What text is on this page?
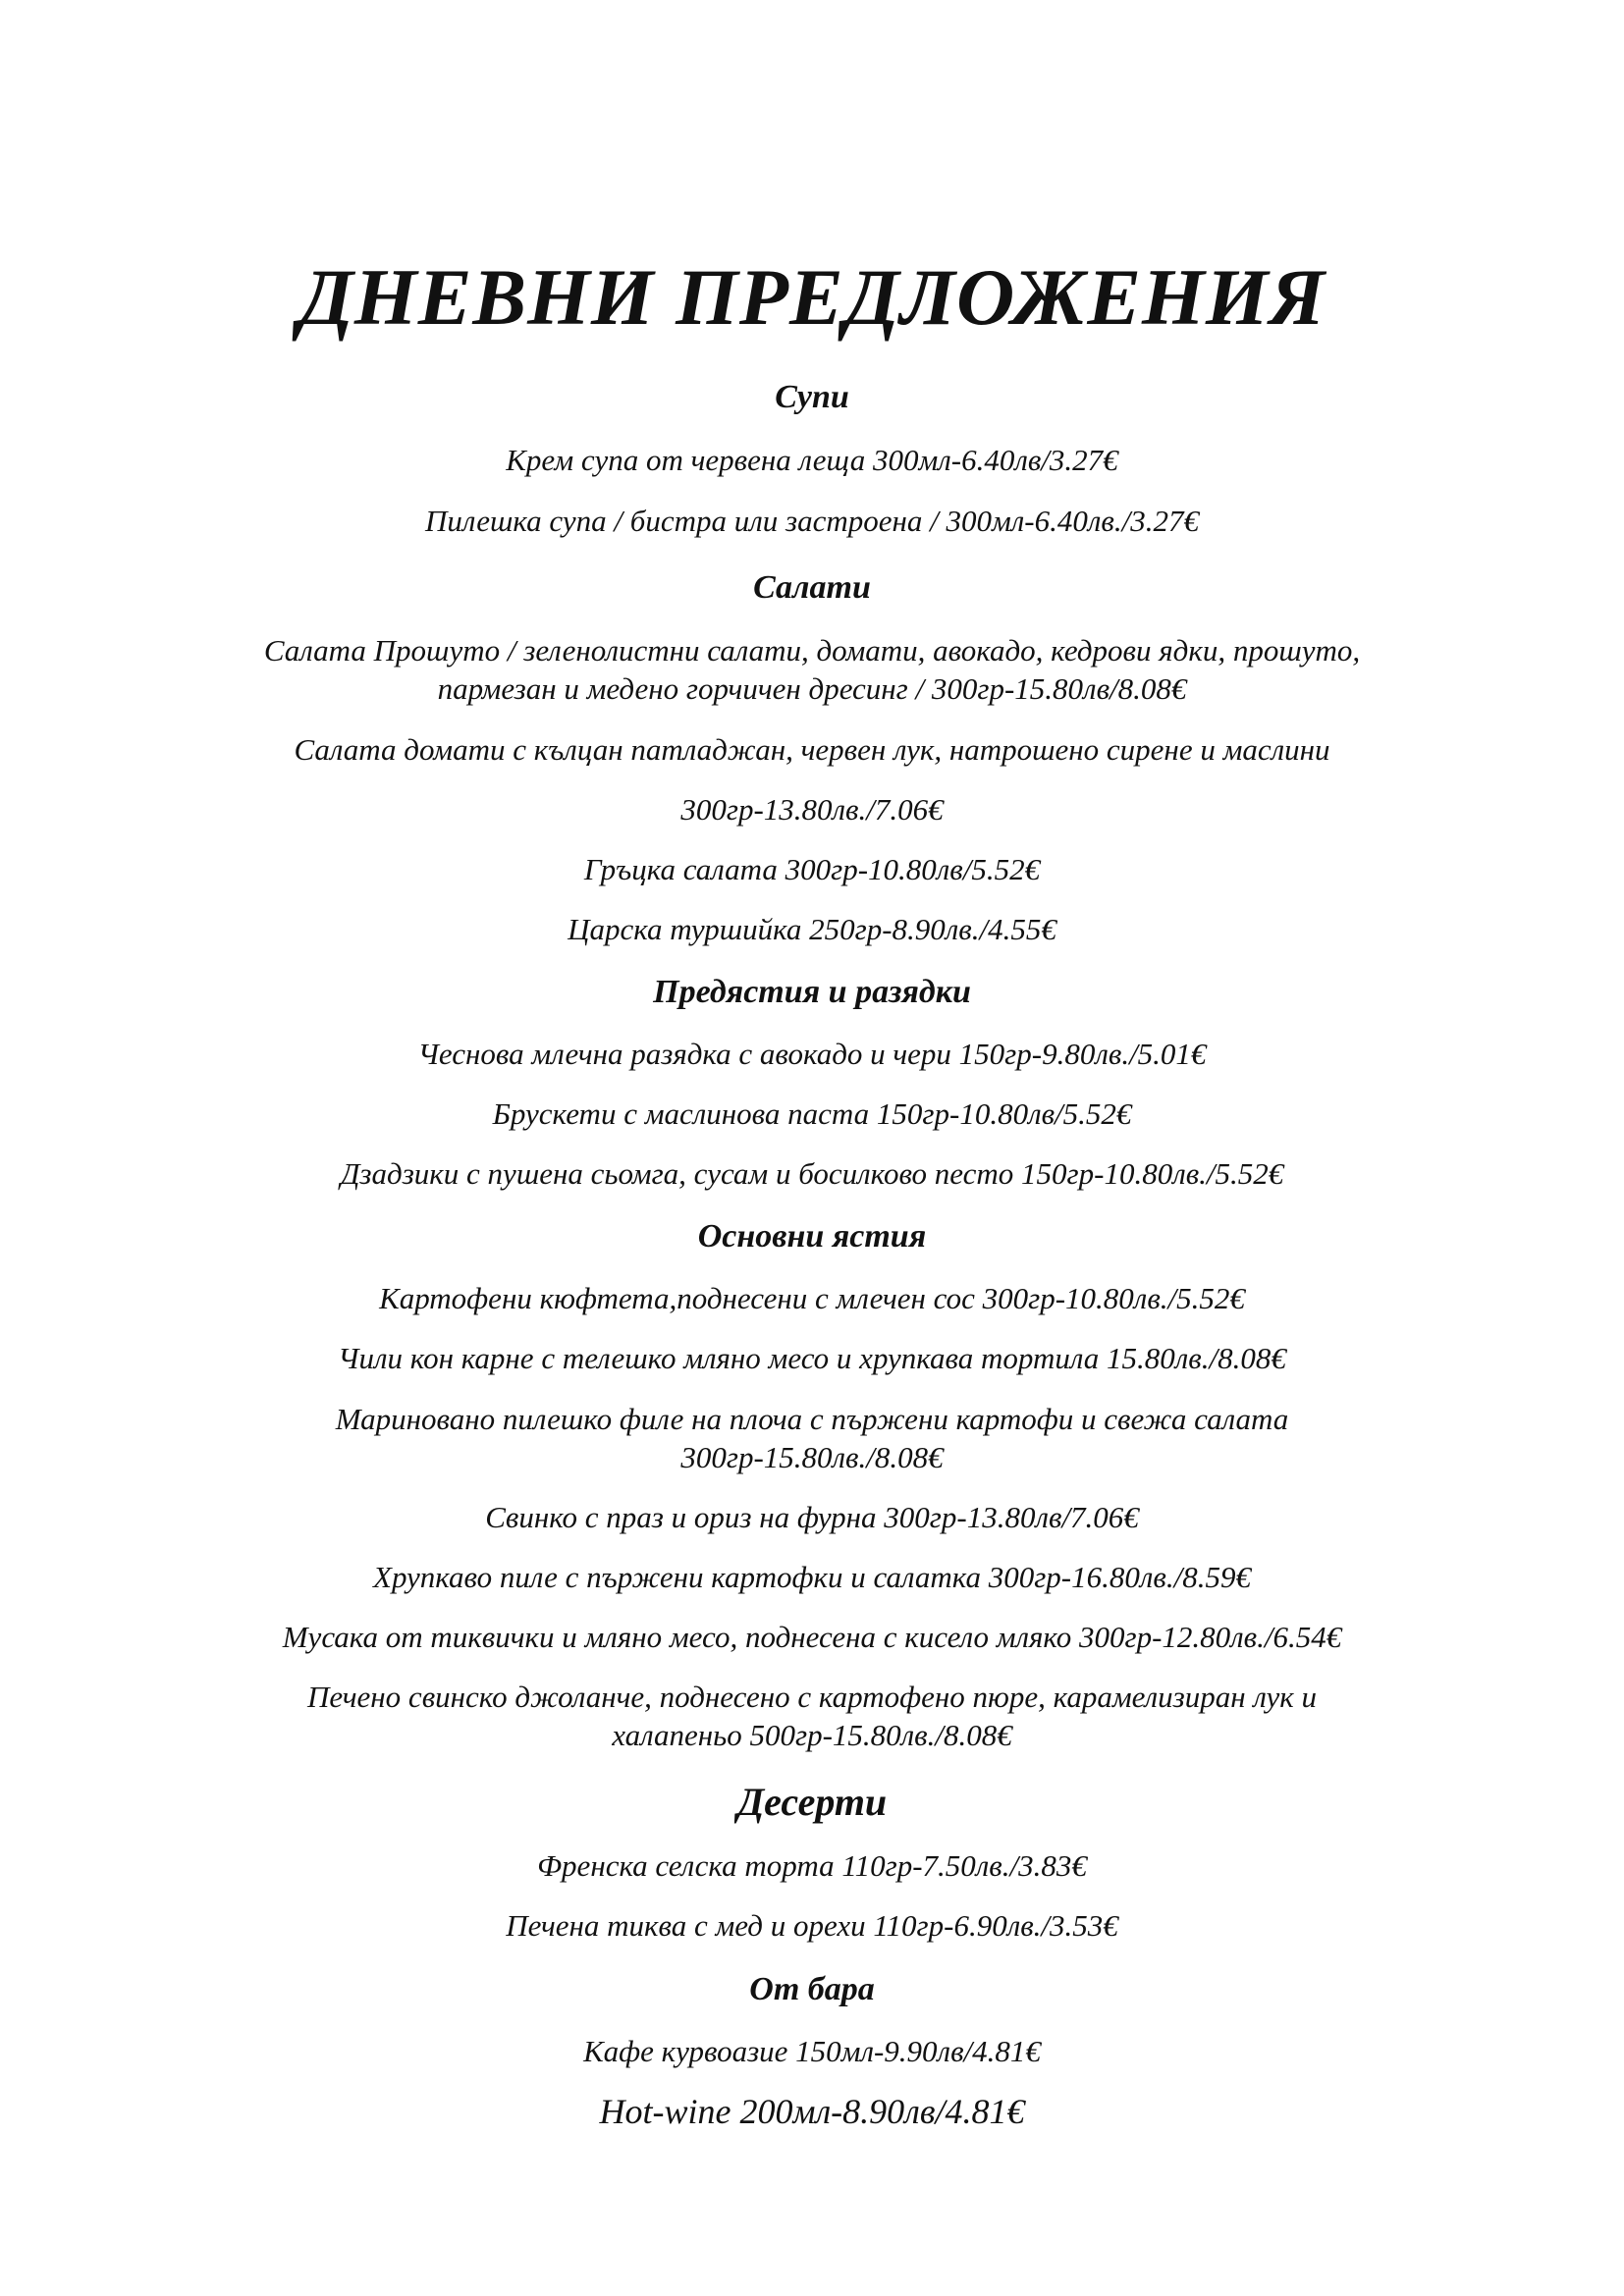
ДНЕВНИ ПРЕДЛОЖЕНИЯ
Супи
Крем супа от червена леща 300мл-6.40лв/3.27€
Пилешка супа / бистра или застроена / 300мл-6.40лв./3.27€
Салати
Салата Прошуто / зеленолистни салати, домати, авокадо, кедрови ядки, прошуто,
пармезан и медено горчичен дресинг / 300гр-15.80лв/8.08€
Салата домати с кълцан патладжан, червен лук, натрошено сирене и маслини
300гр-13.80лв./7.06€
Гръцка салата 300гр-10.80лв/5.52€
Царска туршийка 250гр-8.90лв./4.55€
Предястия и разядки
Чеснова млечна разядка с авокадо и чери 150гр-9.80лв./5.01€
Брускети с маслинова паста 150гр-10.80лв/5.52€
Дзадзики с пушена сьомга, сусам и босилково песто 150гр-10.80лв./5.52€
Основни ястия
Картофени кюфтета,поднесени с млечен сос 300гр-10.80лв./5.52€
Чили кон карне с телешко мляно месо и хрупкава тортила 15.80лв./8.08€
Мариновано пилешко филе на плоча с пържени картофи и свежа салата
300гр-15.80лв./8.08€
Свинко с праз и ориз на фурна 300гр-13.80лв/7.06€
Хрупкаво пиле с пържени картофки и салатка 300гр-16.80лв./8.59€
Мусака от тиквички и мляно месо, поднесена с кисело мляко 300гр-12.80лв./6.54€
Печено свинско джоланче, поднесено с картофено пюре, карамелизиран лук и
халапеньо 500гр-15.80лв./8.08€
Десерти
Френска селска торта 110гр-7.50лв./3.83€
Печена тиква с мед и орехи 110гр-6.90лв./3.53€
От бара
Кафе курвоазие 150мл-9.90лв/4.81€
Hot-wine 200мл-8.90лв/4.81€
